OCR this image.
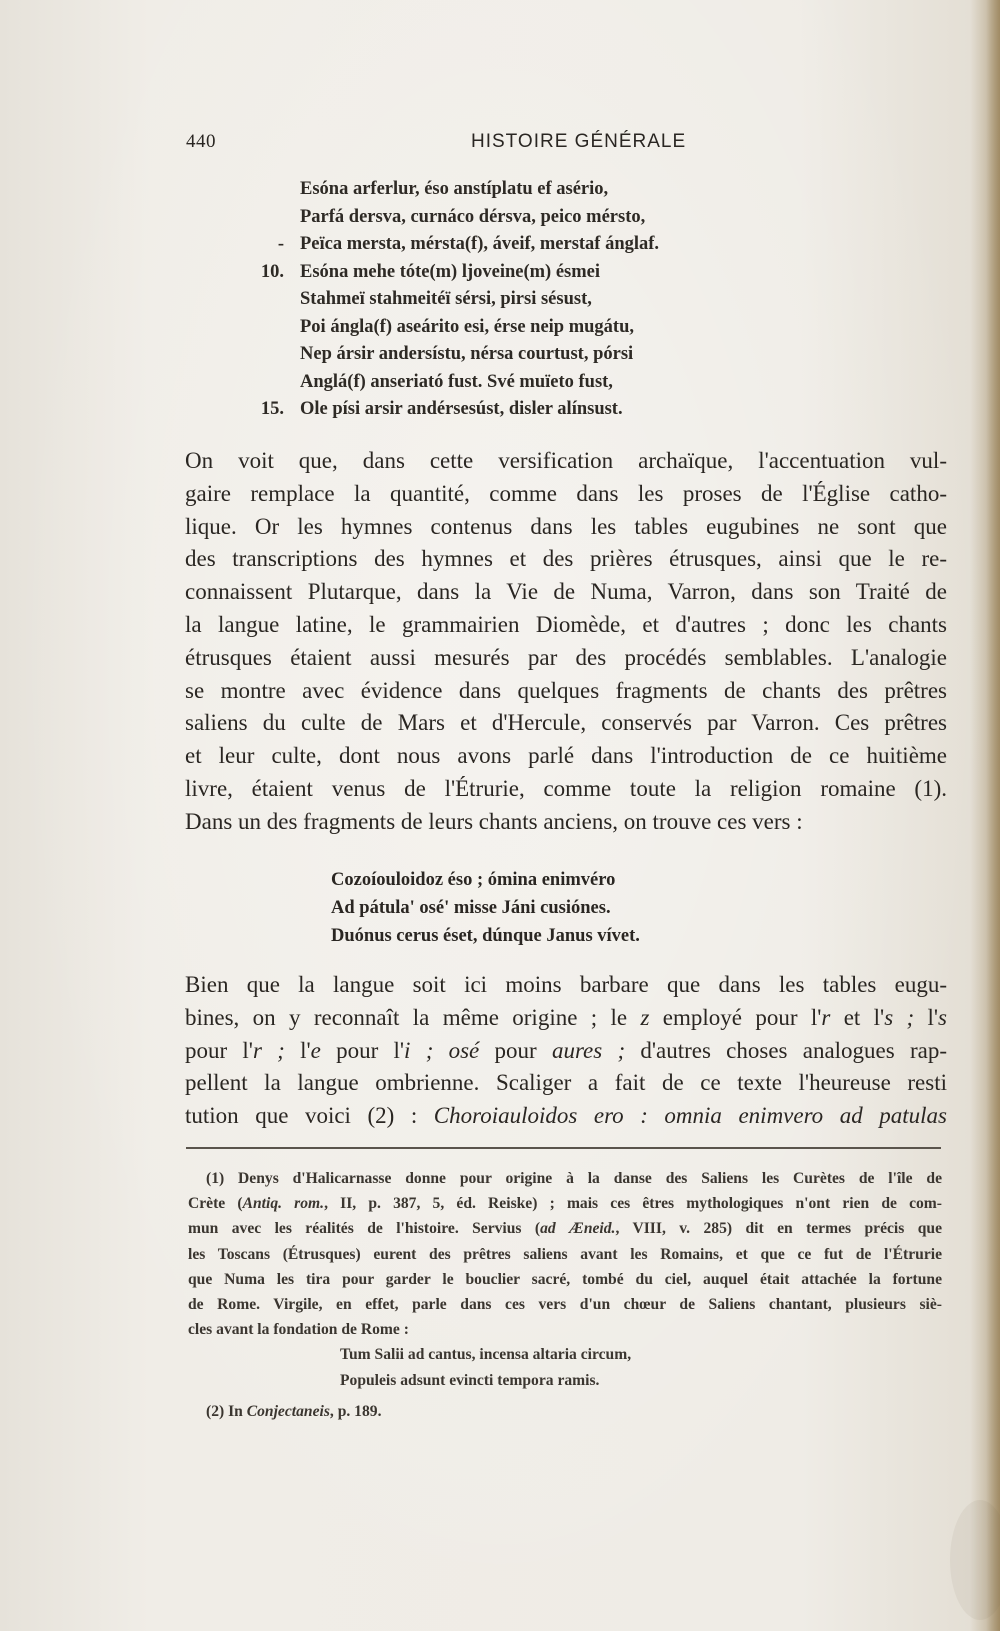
440	HISTOIRE GÉNÉRALE
Esóna arferlur, éso anstíplatu ef asério,
Parfá dersva, curnáco dérsva, peico mérsto,
- Peïca mersta, mérsta(f), áveif, merstaf ánglaf.
10. Esóna mehe tóte(m) ljoveine(m) ésmei
Stahmeï stahmeitéï sérsi, pirsi sésust,
Poi ángla(f) aseárito esi, érse neip mugátu,
Nep ársir andersístu, nérsa courtust, pórsi
Anglá(f) anseriató fust. Své muïeto fust,
15. Ole písi arsir andérsesúst, disler alínsust.

On voit que, dans cette versification archaïque, l'accentuation vul-
gaire remplace la quantité, comme dans les proses de l'Église catho-
lique. Or les hymnes contenus dans les tables eugubines ne sont que
des transcriptions des hymnes et des prières étrusques, ainsi que le re-
connaissent Plutarque, dans la Vie de Numa, Varron, dans son Traité de
la langue latine, le grammairien Diomède, et d'autres ; donc les chants
étrusques étaient aussi mesurés par des procédés semblables. L'analogie
se montre avec évidence dans quelques fragments de chants des prêtres
saliens du culte de Mars et d'Hercule, conservés par Varron. Ces prêtres
et leur culte, dont nous avons parlé dans l'introduction de ce huitième
livre, étaient venus de l'Étrurie, comme toute la religion romaine (1).
Dans un des fragments de leurs chants anciens, on trouve ces vers :

Cozoíouloidoz éso ; ómina enimvéro
Ad pátula' osé' misse Jáni cusiónes.
Duónus cerus éset, dúnque Janus vívet.

Bien que la langue soit ici moins barbare que dans les tables eugu-
bines, on y reconnaît la même origine ; le z employé pour l'r et l's ; l's
pour l'r ; l'e pour l'i ; osé pour aures ; d'autres choses analogues rap-
pellent la langue ombrienne. Scaliger a fait de ce texte l'heureuse resti
tution que voici (2) : Choroiauloidos ero : omnia enimvero ad patulas

(1) Denys d'Halicarnasse donne pour origine à la danse des Saliens les Curètes de l'île de
Crète (Antiq. rom., II, p. 387, 5, éd. Reiske) ; mais ces êtres mythologiques n'ont rien de com-
mun avec les réalités de l'histoire. Servius (ad Æneid., VIII, v. 285) dit en termes précis que
les Toscans (Étrusques) eurent des prêtres saliens avant les Romains, et que ce fut de l'Étrurie
que Numa les tira pour garder le bouclier sacré, tombé du ciel, auquel était attachée la fortune
de Rome. Virgile, en effet, parle dans ces vers d'un chœur de Saliens chantant, plusieurs siè-
cles avant la fondation de Rome :
Tum Salii ad cantus, incensa altaria circum,
Populeis adsunt evincti tempora ramis.
(2) In Conjectaneis, p. 189.
